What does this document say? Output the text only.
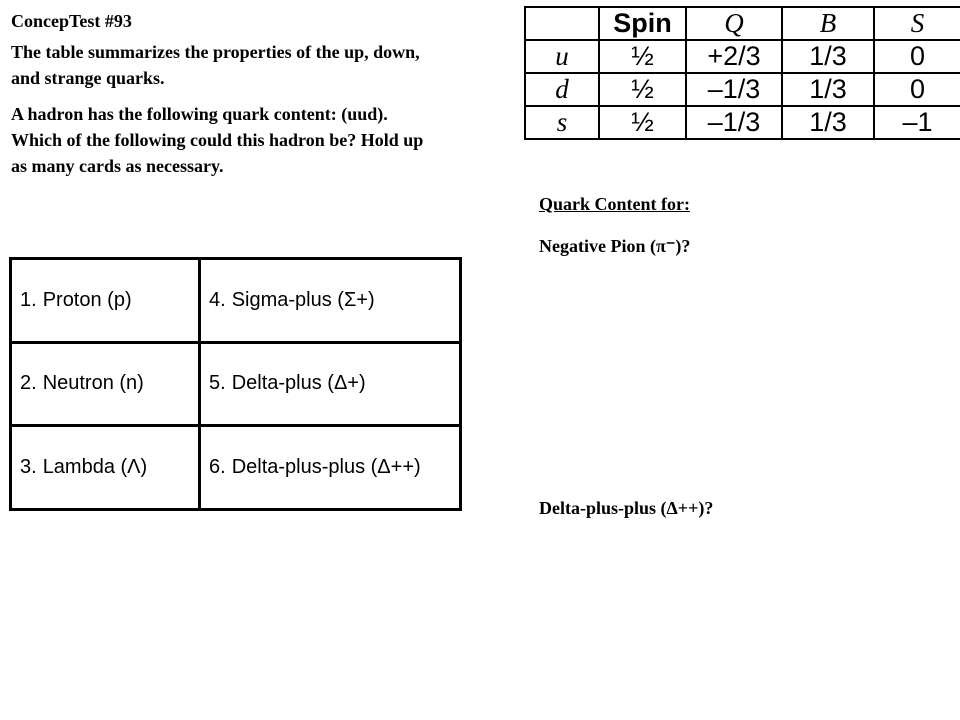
ConcepTest #93

The table summarizes the properties of the up, down, and strange quarks.

A hadron has the following quark content: (uud). Which of the following could this hadron be? Hold up as many cards as necessary.

	Spin	Q	B	S
u	½	+2/3	1/3	0
d	½	–1/3	1/3	0
s	½	–1/3	1/3	–1
1. Proton (p)	4. Sigma-plus (Σ+)
2. Neutron (n)	5. Delta-plus (Δ+)
3. Lambda (Λ)	6. Delta-plus-plus (Δ++)
Quark Content for:
Negative Pion (π⁻)?
Delta-plus-plus (Δ++)?
